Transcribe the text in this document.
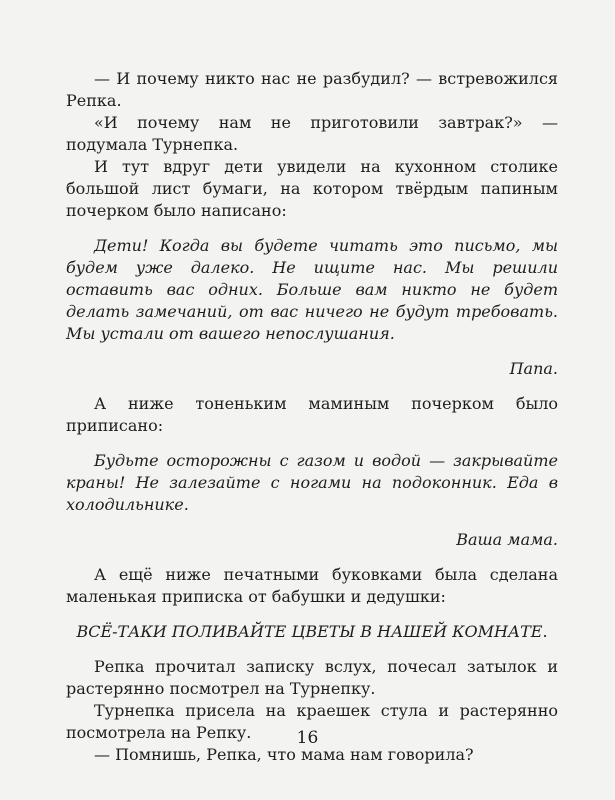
— И почему никто нас не разбудил? — встревожился Репка.

«И почему нам не приготовили завтрак?» — подумала Турнепка.

И тут вдруг дети увидели на кухонном столике большой лист бумаги, на котором твёрдым папиным почерком было написано:

Дети! Когда вы будете читать это письмо, мы будем уже далеко. Не ищите нас. Мы решили оставить вас одних. Больше вам никто не будет делать замечаний, от вас ничего не будут требовать. Мы устали от вашего непослушания.

Папа.

А ниже тоненьким маминым почерком было приписано:

Будьте осторожны с газом и водой — закрывайте краны! Не залезайте с ногами на подоконник. Еда в холодильнике.

Ваша мама.

А ещё ниже печатными буковками была сделана маленькая приписка от бабушки и дедушки:

ВСЁ-ТАКИ ПОЛИВАЙТЕ ЦВЕТЫ В НАШЕЙ КОМНАТЕ.

Репка прочитал записку вслух, почесал затылок и растерянно посмотрел на Турнепку.

Турнепка присела на краешек стула и растерянно посмотрела на Репку.

— Помнишь, Репка, что мама нам говорила?

16
